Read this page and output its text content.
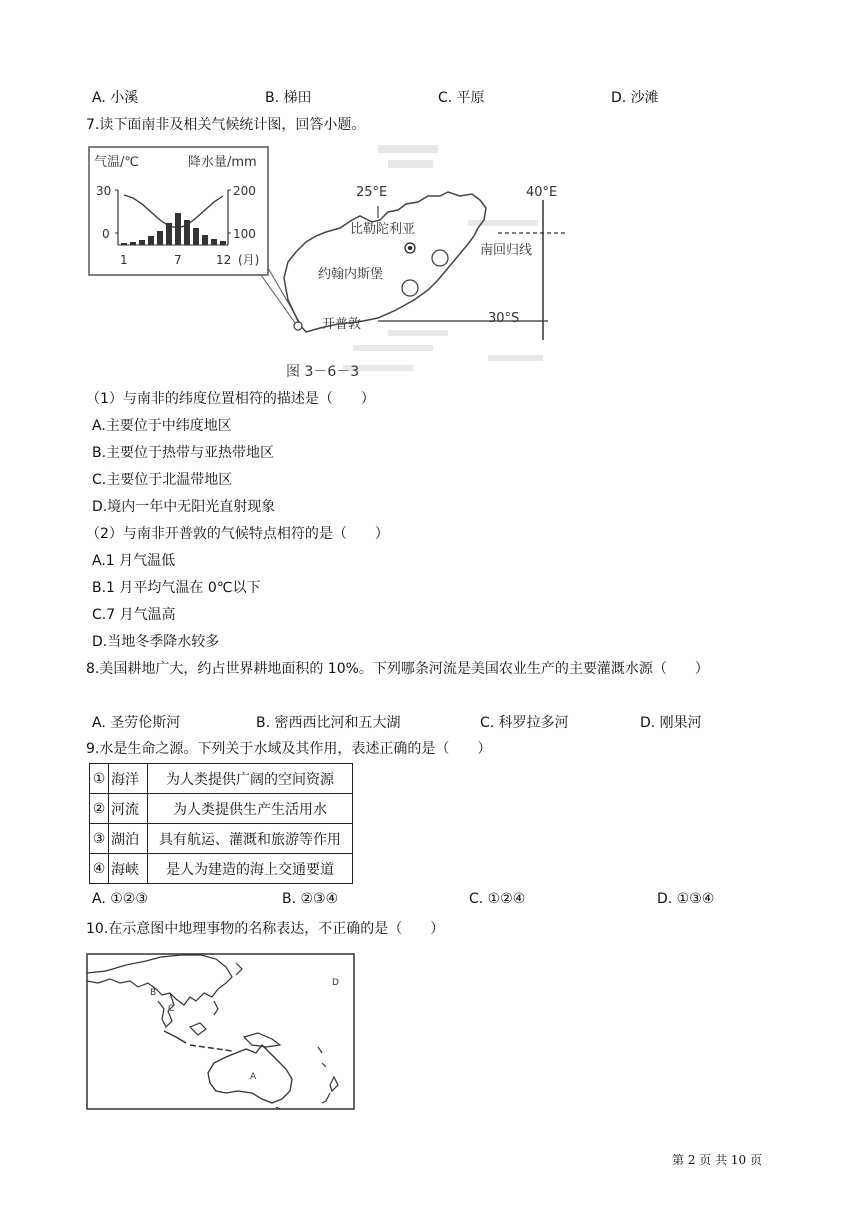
A. 小溪	B. 梯田	C. 平原	D. 沙滩
7.读下面南非及相关气候统计图，回答小题。
气温/℃	降水量/mm
30
0
200
100
1	7	12 (月)
25°E	40°E
30°S
比勒陀利亚
约翰内斯堡
开普敦
南回归线
图 3－6－3
（1）与南非的纬度位置相符的描述是（　　）
A.主要位于中纬度地区
B.主要位于热带与亚热带地区
C.主要位于北温带地区
D.境内一年中无阳光直射现象
（2）与南非开普敦的气候特点相符的是（　　）
A.1 月气温低
B.1 月平均气温在 0℃以下
C.7 月气温高
D.当地冬季降水较多
8.美国耕地广大，约占世界耕地面积的 10%。下列哪条河流是美国农业生产的主要灌溉水源（　　）
A. 圣劳伦斯河	B. 密西西比河和五大湖	C. 科罗拉多河	D. 刚果河
9.水是生命之源。下列关于水域及其作用，表述正确的是（　　）
①	海洋	为人类提供广阔的空间资源
②	河流	为人类提供生产生活用水
③	湖泊	具有航运、灌溉和旅游等作用
④	海峡	是人为建造的海上交通要道
A. ①②③	B. ②③④	C. ①②④	D. ①③④
10.在示意图中地理事物的名称表达，不正确的是（　　）
A
B
C
D
第 2 页 共 10 页
